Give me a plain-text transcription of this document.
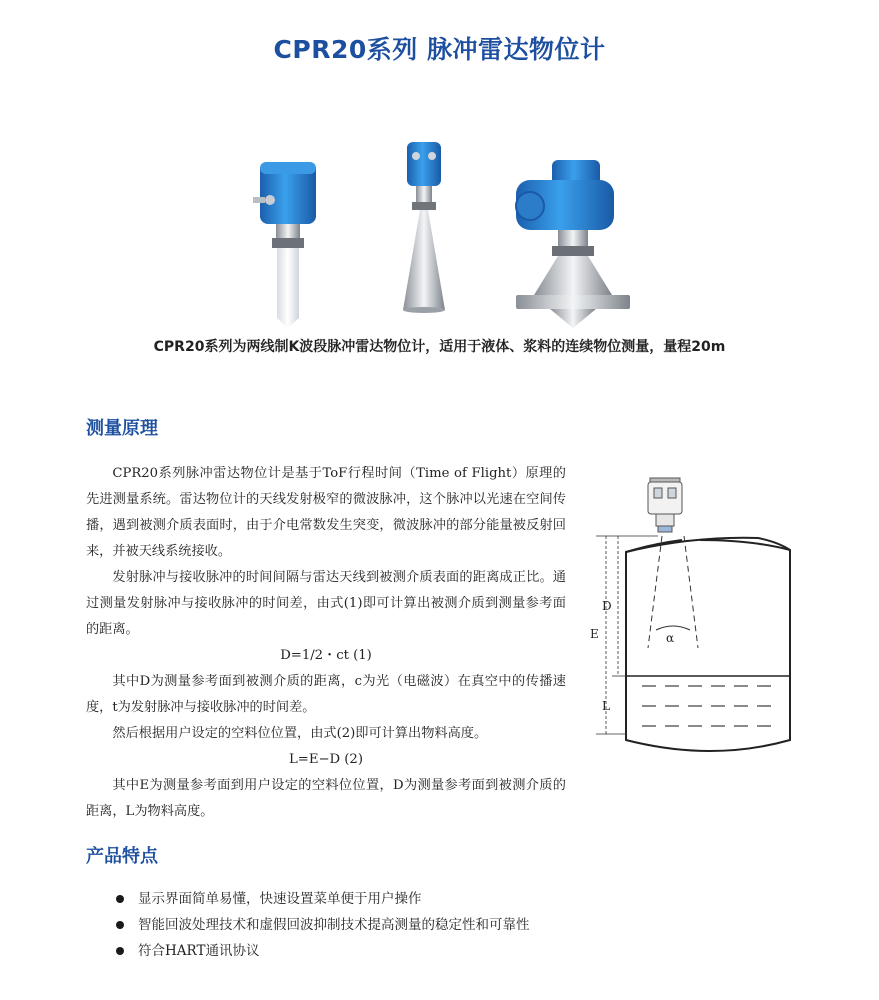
CPR20系列 脉冲雷达物位计
CPR20系列为两线制K波段脉冲雷达物位计，适用于液体、浆料的连续物位测量，量程20m
测量原理

CPR20系列脉冲雷达物位计是基于ToF行程时间（Time of Flight）原理的先进测量系统。雷达物位计的天线发射极窄的微波脉冲，这个脉冲以光速在空间传播，遇到被测介质表面时，由于介电常数发生突变，微波脉冲的部分能量被反射回来，并被天线系统接收。

发射脉冲与接收脉冲的时间间隔与雷达天线到被测介质表面的距离成正比。通过测量发射脉冲与接收脉冲的时间差，由式(1)即可计算出被测介质到测量参考面的距离。

D=1/2・ct (1)

其中D为测量参考面到被测介质的距离，c为光（电磁波）在真空中的传播速度，t为发射脉冲与接收脉冲的时间差。

然后根据用户设定的空料位位置，由式(2)即可计算出物料高度。

L=E−D (2)

其中E为测量参考面到用户设定的空料位位置，D为测量参考面到被测介质的距离，L为物料高度。

α
E
D
L
产品特点
显示界面简单易懂，快速设置菜单便于用户操作
智能回波处理技术和虚假回波抑制技术提高测量的稳定性和可靠性
符合HART通讯协议
